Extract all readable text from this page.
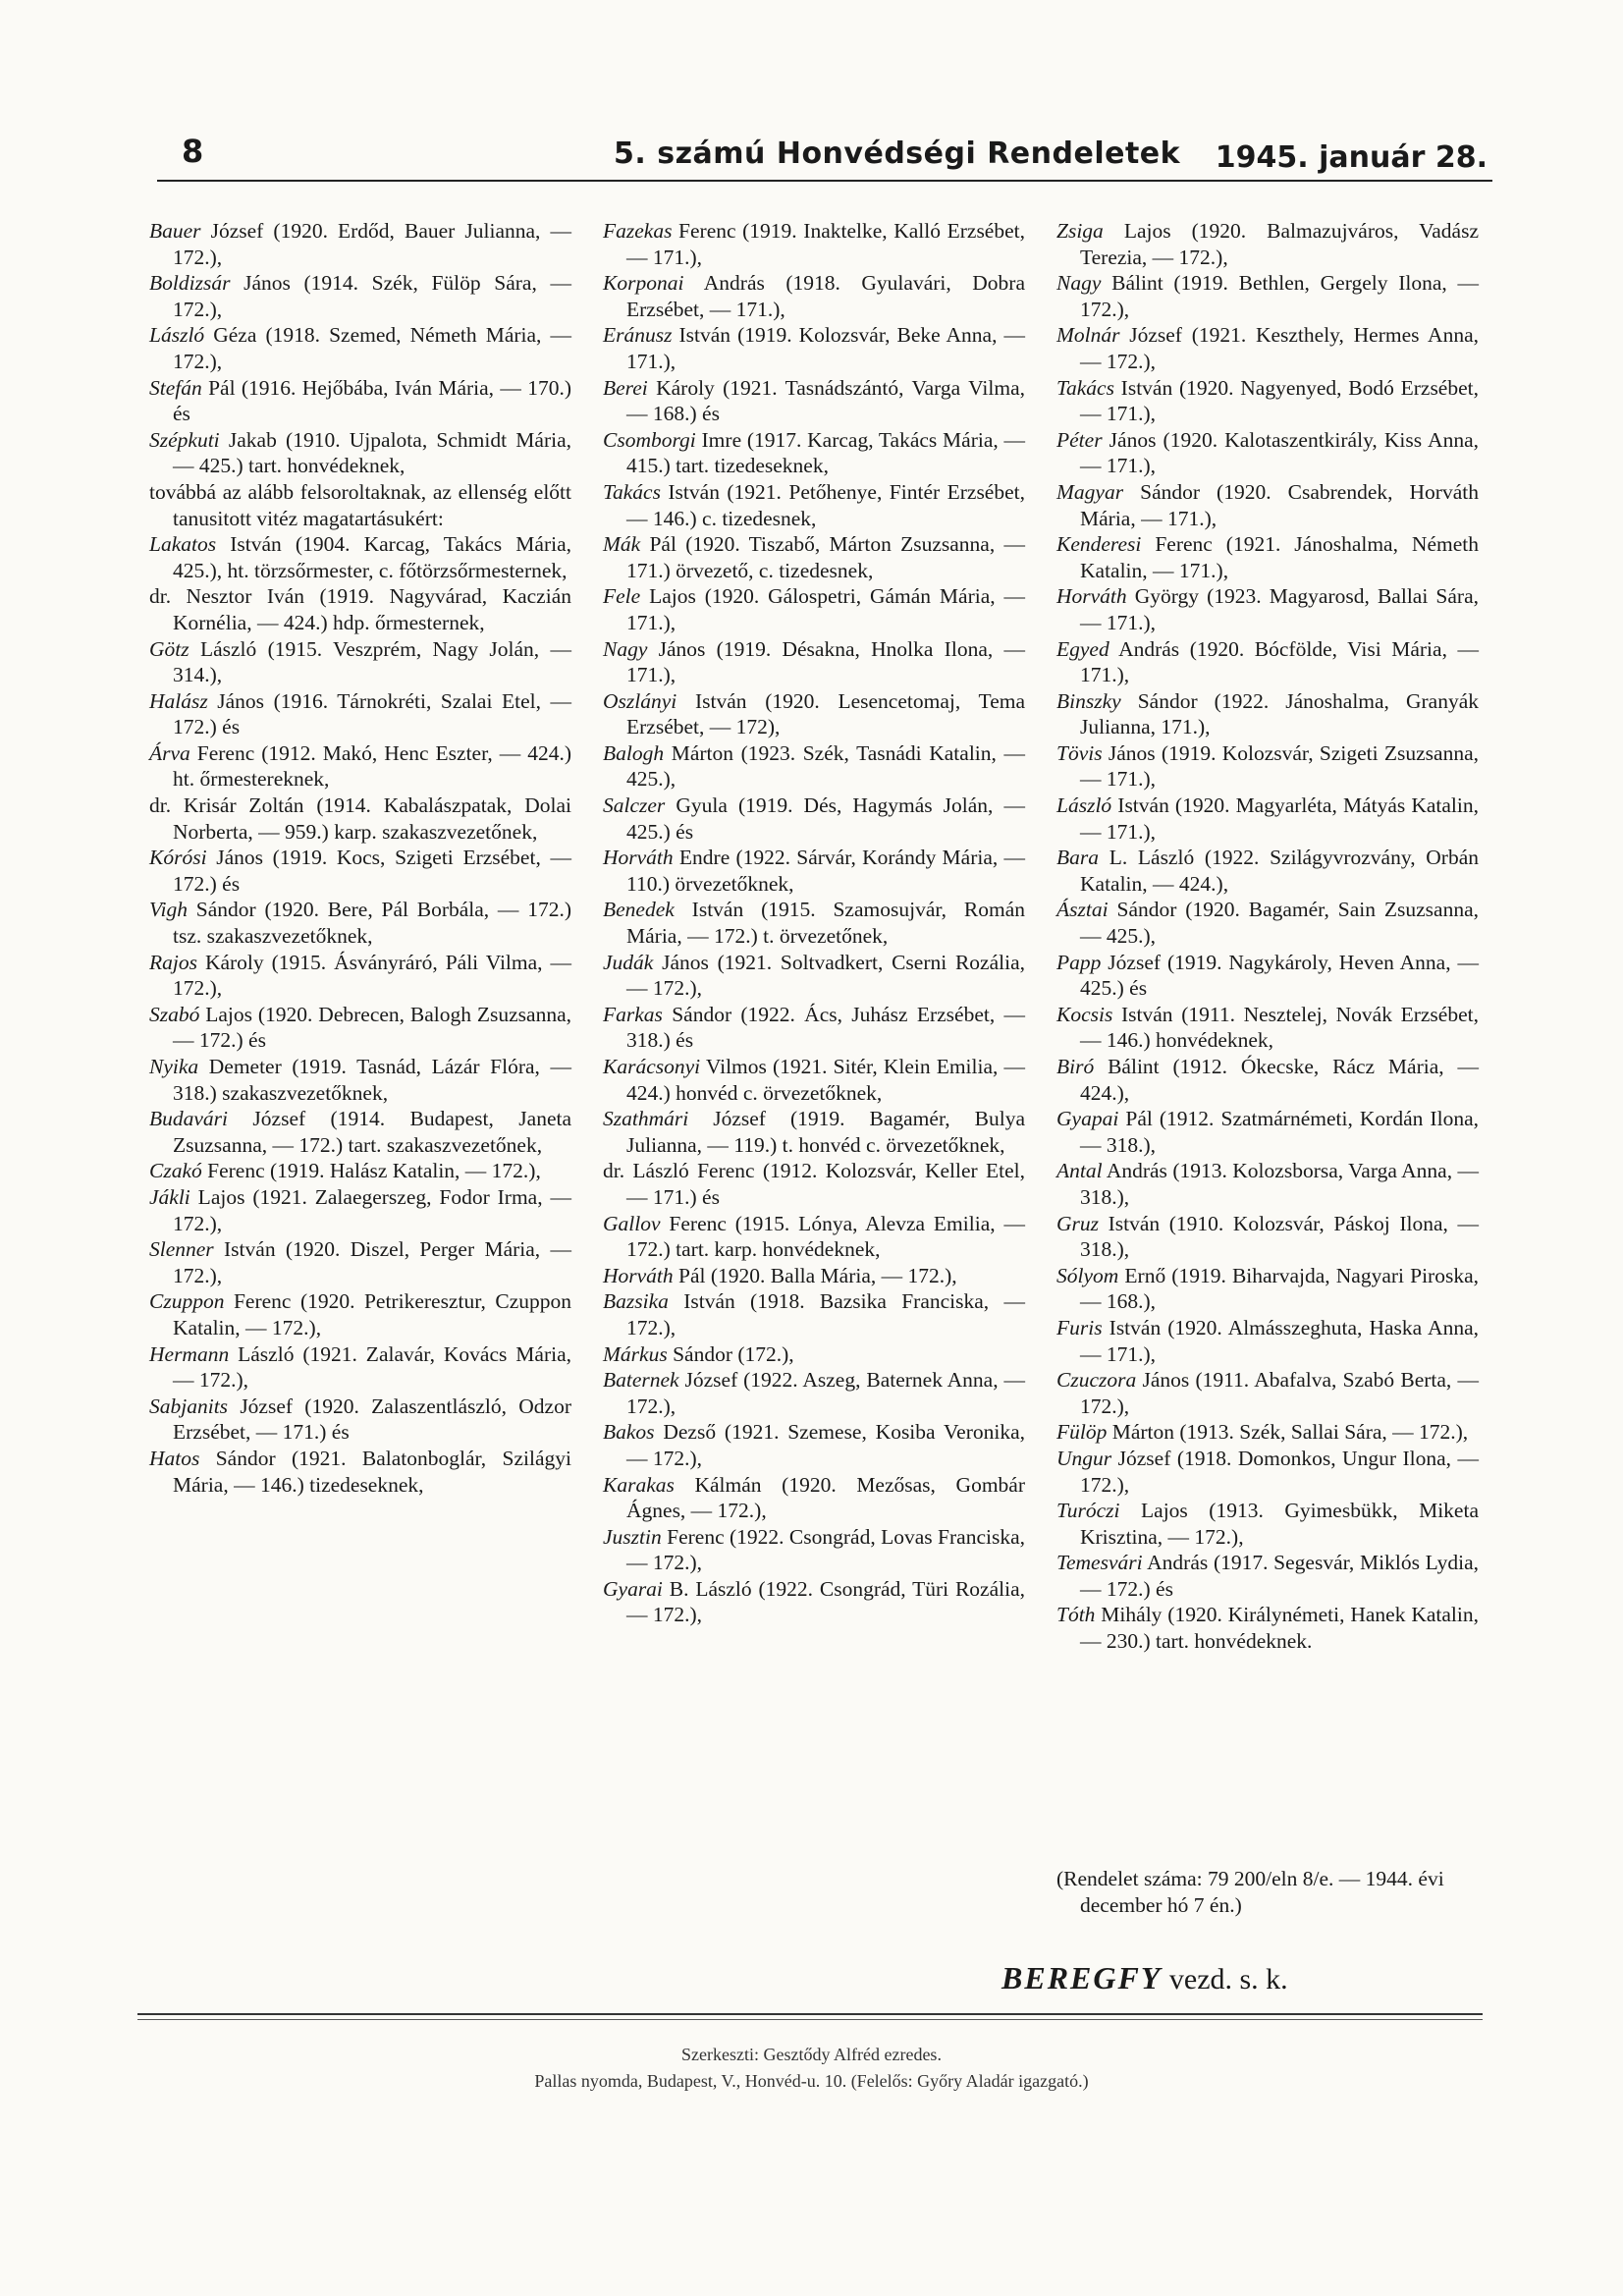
8	5. számú Honvédségi Rendeletek 1945. január 28.

Bauer József (1920. Erdőd, Bauer Julianna, — 172.),

Boldizsár János (1914. Szék, Fülöp Sára, — 172.),

László Géza (1918. Szemed, Németh Mária, — 172.),

Stefán Pál (1916. Hejőbába, Iván Mária, — 170.) és

Szépkuti Jakab (1910. Ujpalota, Schmidt Mária, — 425.) tart. honvédeknek,

továbbá az alább felsoroltaknak, az ellenség előtt tanusitott vitéz magatartásukért:

Lakatos István (1904. Karcag, Takács Mária, 425.), ht. törzsőrmester, c. főtörzsőrmesternek,

dr. Nesztor Iván (1919. Nagyvárad, Kaczián Kornélia, — 424.) hdp. őrmesternek,

Götz László (1915. Veszprém, Nagy Jolán, — 314.),

Halász János (1916. Tárnokréti, Szalai Etel, — 172.) és

Árva Ferenc (1912. Makó, Henc Eszter, — 424.) ht. őrmestereknek,

dr. Krisár Zoltán (1914. Kabalászpatak, Dolai Norberta, — 959.) karp. szakaszvezetőnek,

Kórósi János (1919. Kocs, Szigeti Erzsébet, — 172.) és

Vigh Sándor (1920. Bere, Pál Borbála, — 172.) tsz. szakaszvezetőknek,

Rajos Károly (1915. Ásványráró, Páli Vilma, — 172.),

Szabó Lajos (1920. Debrecen, Balogh Zsuzsanna, — 172.) és

Nyika Demeter (1919. Tasnád, Lázár Flóra, — 318.) szakaszvezetőknek,

Budavári József (1914. Budapest, Janeta Zsuzsanna, — 172.) tart. szakaszvezetőnek,

Czakó Ferenc (1919. Halász Katalin, — 172.),

Jákli Lajos (1921. Zalaegerszeg, Fodor Irma, — 172.),

Slenner István (1920. Diszel, Perger Mária, — 172.),

Czuppon Ferenc (1920. Petrikeresztur, Czuppon Katalin, — 172.),

Hermann László (1921. Zalavár, Kovács Mária, — 172.),

Sabjanits József (1920. Zalaszentlászló, Odzor Erzsébet, — 171.) és

Hatos Sándor (1921. Balatonboglár, Szilágyi Mária, — 146.) tizedeseknek,

Fazekas Ferenc (1919. Inaktelke, Kalló Erzsébet, — 171.),

Korponai András (1918. Gyulavári, Dobra Erzsébet, — 171.),

Eránusz István (1919. Kolozsvár, Beke Anna, — 171.),

Berei Károly (1921. Tasnádszántó, Varga Vilma, — 168.) és

Csomborgi Imre (1917. Karcag, Takács Mária, — 415.) tart. tizedeseknek,

Takács István (1921. Petőhenye, Fintér Erzsébet, — 146.) c. tizedesnek,

Mák Pál (1920. Tiszabő, Márton Zsuzsanna, — 171.) örvezető, c. tizedesnek,

Fele Lajos (1920. Gálospetri, Gámán Mária, — 171.),

Nagy János (1919. Désakna, Hnolka Ilona, — 171.),

Oszlányi István (1920. Lesencetomaj, Tema Erzsébet, — 172),

Balogh Márton (1923. Szék, Tasnádi Katalin, — 425.),

Salczer Gyula (1919. Dés, Hagymás Jolán, — 425.) és

Horváth Endre (1922. Sárvár, Korándy Mária, — 110.) örvezetőknek,

Benedek István (1915. Szamosujvár, Román Mária, — 172.) t. örvezetőnek,

Judák János (1921. Soltvadkert, Cserni Rozália, — 172.),

Farkas Sándor (1922. Ács, Juhász Erzsébet, — 318.) és

Karácsonyi Vilmos (1921. Sitér, Klein Emilia, — 424.) honvéd c. örvezetőknek,

Szathmári József (1919. Bagamér, Bulya Julianna, — 119.) t. honvéd c. örvezetőknek,

dr. László Ferenc (1912. Kolozsvár, Keller Etel, — 171.) és

Gallov Ferenc (1915. Lónya, Alevza Emilia, — 172.) tart. karp. honvédeknek,

Horváth Pál (1920. Balla Mária, — 172.),

Bazsika István (1918. Bazsika Franciska, — 172.),

Márkus Sándor (172.),

Baternek József (1922. Aszeg, Baternek Anna, — 172.),

Bakos Dezső (1921. Szemese, Kosiba Veronika, — 172.),

Karakas Kálmán (1920. Mezősas, Gombár Ágnes, — 172.),

Jusztin Ferenc (1922. Csongrád, Lovas Franciska, — 172.),

Gyarai B. László (1922. Csongrád, Türi Rozália, — 172.),

Zsiga Lajos (1920. Balmazujváros, Vadász Terezia, — 172.),

Nagy Bálint (1919. Bethlen, Gergely Ilona, — 172.),

Molnár József (1921. Keszthely, Hermes Anna, — 172.),

Takács István (1920. Nagyenyed, Bodó Erzsébet, — 171.),

Péter János (1920. Kalotaszentkirály, Kiss Anna, — 171.),

Magyar Sándor (1920. Csabrendek, Horváth Mária, — 171.),

Kenderesi Ferenc (1921. Jánoshalma, Németh Katalin, — 171.),

Horváth György (1923. Magyarosd, Ballai Sára, — 171.),

Egyed András (1920. Bócfölde, Visi Mária, — 171.),

Binszky Sándor (1922. Jánoshalma, Granyák Julianna, 171.),

Tövis János (1919. Kolozsvár, Szigeti Zsuzsanna, — 171.),

László István (1920. Magyarléta, Mátyás Katalin, — 171.),

Bara L. László (1922. Szilágyvrozvány, Orbán Katalin, — 424.),

Ásztai Sándor (1920. Bagamér, Sain Zsuzsanna, — 425.),

Papp József (1919. Nagykároly, Heven Anna, — 425.) és

Kocsis István (1911. Nesztelej, Novák Erzsébet, — 146.) honvédeknek,

Biró Bálint (1912. Ókecske, Rácz Mária, — 424.),

Gyapai Pál (1912. Szatmárnémeti, Kordán Ilona, — 318.),

Antal András (1913. Kolozsborsa, Varga Anna, — 318.),

Gruz István (1910. Kolozsvár, Páskoj Ilona, — 318.),

Sólyom Ernő (1919. Biharvajda, Nagyari Piroska, — 168.),

Furis István (1920. Almásszeghuta, Haska Anna, — 171.),

Czuczora János (1911. Abafalva, Szabó Berta, — 172.),

Fülöp Márton (1913. Szék, Sallai Sára, — 172.),

Ungur József (1918. Domonkos, Ungur Ilona, — 172.),

Turóczi Lajos (1913. Gyimesbükk, Miketa Krisztina, — 172.),

Temesvári András (1917. Segesvár, Miklós Lydia, — 172.) és

Tóth Mihály (1920. Királynémeti, Hanek Katalin, — 230.) tart. honvédeknek.

(Rendelet száma: 79 200/eln 8/e. — 1944. évi december hó 7 én.)

BEREGFY vezd. s. k.
Szerkeszti: Gesztődy Alfréd ezredes.
Pallas nyomda, Budapest, V., Honvéd-u. 10. (Felelős: Győry Aladár igazgató.)
